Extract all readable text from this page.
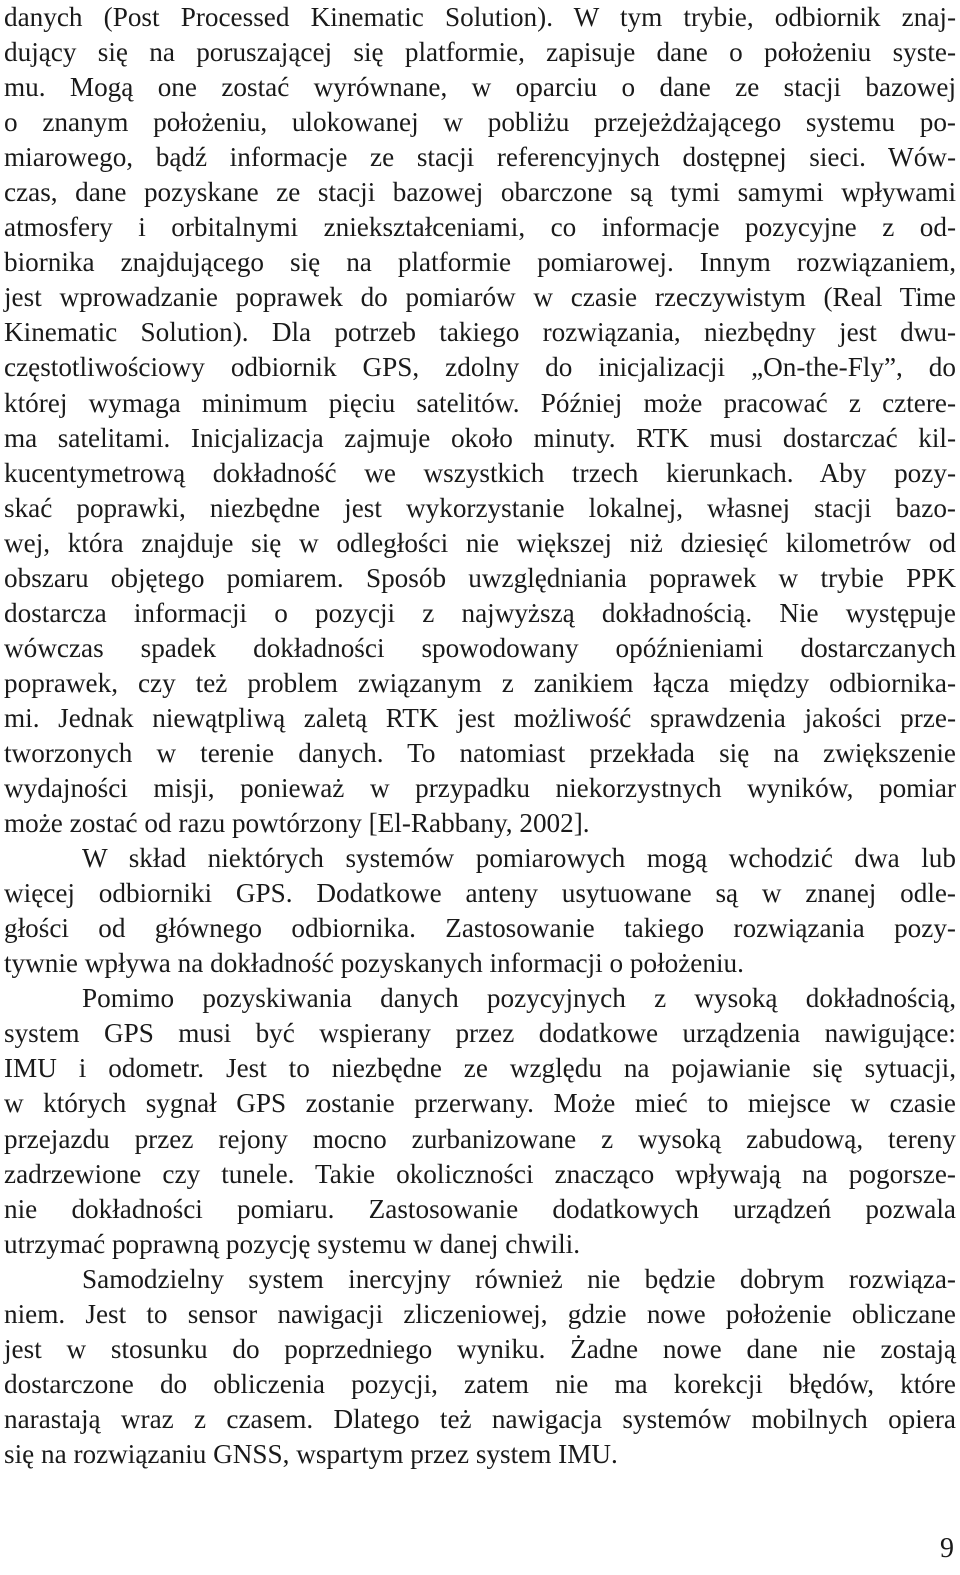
danych (Post Processed Kinematic Solution). W tym trybie, odbiornik znaj-
dujący się na poruszającej się platformie, zapisuje dane o położeniu syste-
mu. Mogą one zostać wyrównane, w oparciu o dane ze stacji bazowej
o znanym położeniu, ulokowanej w pobliżu przejeżdżającego systemu po-
miarowego, bądź informacje ze stacji referencyjnych dostępnej sieci. Wów-
czas, dane pozyskane ze stacji bazowej obarczone są tymi samymi wpływami
atmosfery i orbitalnymi zniekształceniami, co informacje pozycyjne z od-
biornika znajdującego się na platformie pomiarowej. Innym rozwiązaniem,
jest wprowadzanie poprawek do pomiarów w czasie rzeczywistym (Real Time
Kinematic Solution). Dla potrzeb takiego rozwiązania, niezbędny jest dwu-
częstotliwościowy odbiornik GPS, zdolny do inicjalizacji „On-the-Fly”, do
której wymaga minimum pięciu satelitów. Później może pracować z cztere-
ma satelitami. Inicjalizacja zajmuje około minuty. RTK musi dostarczać kil-
kucentymetrową dokładność we wszystkich trzech kierunkach. Aby pozy-
skać poprawki, niezbędne jest wykorzystanie lokalnej, własnej stacji bazo-
wej, która znajduje się w odległości nie większej niż dziesięć kilometrów od
obszaru objętego pomiarem. Sposób uwzględniania poprawek w trybie PPK
dostarcza informacji o pozycji z najwyższą dokładnością. Nie występuje
wówczas spadek dokładności spowodowany opóźnieniami dostarczanych
poprawek, czy też problem związanym z zanikiem łącza między odbiornika-
mi. Jednak niewątpliwą zaletą RTK jest możliwość sprawdzenia jakości prze-
tworzonych w terenie danych. To natomiast przekłada się na zwiększenie
wydajności misji, ponieważ w przypadku niekorzystnych wyników, pomiar
może zostać od razu powtórzony [El-Rabbany, 2002].
W skład niektórych systemów pomiarowych mogą wchodzić dwa lub
więcej odbiorniki GPS. Dodatkowe anteny usytuowane są w znanej odle-
głości od głównego odbiornika. Zastosowanie takiego rozwiązania pozy-
tywnie wpływa na dokładność pozyskanych informacji o położeniu.
Pomimo pozyskiwania danych pozycyjnych z wysoką dokładnością,
system GPS musi być wspierany przez dodatkowe urządzenia nawigujące:
IMU i odometr. Jest to niezbędne ze względu na pojawianie się sytuacji,
w których sygnał GPS zostanie przerwany. Może mieć to miejsce w czasie
przejazdu przez rejony mocno zurbanizowane z wysoką zabudową, tereny
zadrzewione czy tunele. Takie okoliczności znacząco wpływają na pogorsze-
nie dokładności pomiaru. Zastosowanie dodatkowych urządzeń pozwala
utrzymać poprawną pozycję systemu w danej chwili.
Samodzielny system inercyjny również nie będzie dobrym rozwiąza-
niem. Jest to sensor nawigacji zliczeniowej, gdzie nowe położenie obliczane
jest w stosunku do poprzedniego wyniku. Żadne nowe dane nie zostają
dostarczone do obliczenia pozycji, zatem nie ma korekcji błędów, które
narastają wraz z czasem. Dlatego też nawigacja systemów mobilnych opiera
się na rozwiązaniu GNSS, wspartym przez system IMU.
9
